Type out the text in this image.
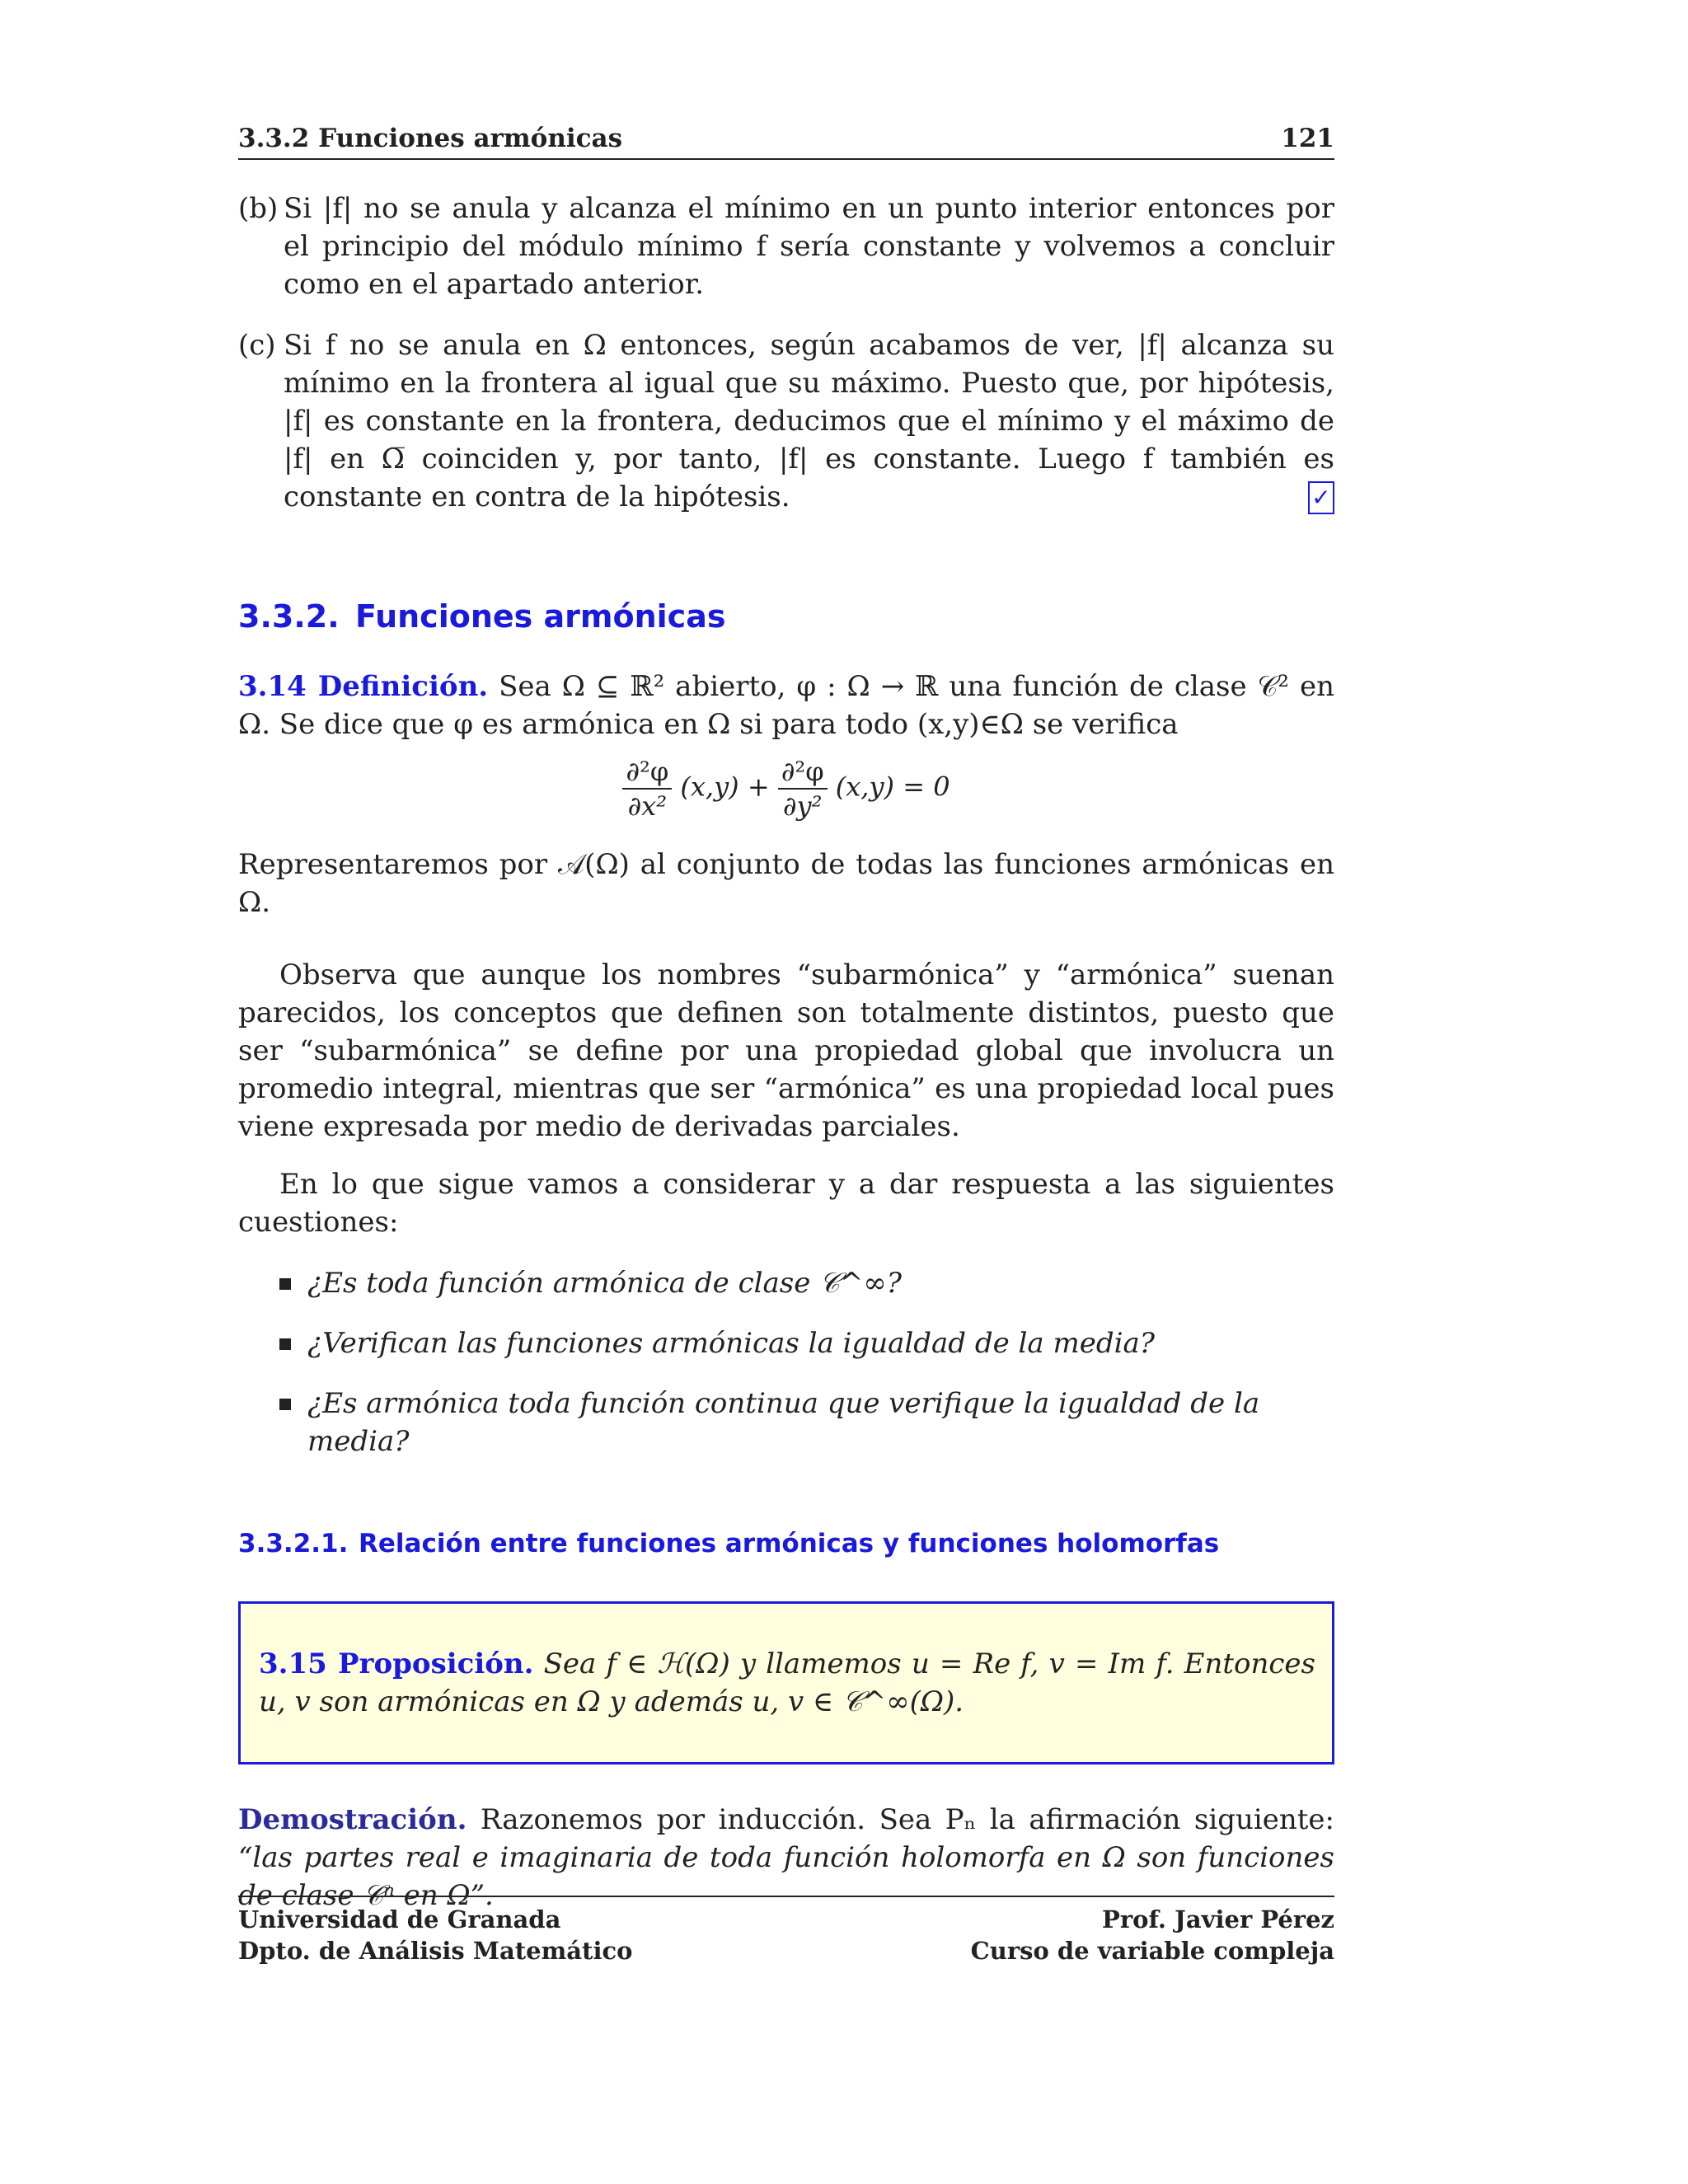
3.3.2 Funciones armónicas	121
(b) Si |f| no se anula y alcanza el mínimo en un punto interior entonces por el principio del módulo mínimo f sería constante y volvemos a concluir como en el apartado anterior.

(c) Si f no se anula en Ω entonces, según acabamos de ver, |f| alcanza su mínimo en la frontera al igual que su máximo. Puesto que, por hipótesis, |f| es constante en la frontera, deducimos que el mínimo y el máximo de |f| en Ω̅ coinciden y, por tanto, |f| es constante. Luego f también es constante en contra de la hipótesis.	✓
3.3.2. Funciones armónicas

3.14 Definición. Sea Ω ⊆ ℝ² abierto, φ : Ω → ℝ una función de clase 𝒞² en Ω. Se dice que φ es armónica en Ω si para todo (x,y)∈Ω se verifica

$\frac{\text{∂²φ}}{\text{∂x²}} (x,y) + \frac{\text{∂²φ}}{\text{∂y²}} (x,y) = 0$

Representaremos por 𝒜(Ω) al conjunto de todas las funciones armónicas en Ω.

Observa que aunque los nombres “subarmónica” y “armónica” suenan parecidos, los conceptos que definen son totalmente distintos, puesto que ser “subarmónica” se define por una propiedad global que involucra un promedio integral, mientras que ser “armónica” es una propiedad local pues viene expresada por medio de derivadas parciales.

En lo que sigue vamos a considerar y a dar respuesta a las siguientes cuestiones:

¿Es toda función armónica de clase 𝒞^∞?
¿Verifican las funciones armónicas la igualdad de la media?
¿Es armónica toda función continua que verifique la igualdad de la media?
3.3.2.1. Relación entre funciones armónicas y funciones holomorfas

3.15 Proposición. Sea f ∈ ℋ(Ω) y llamemos u = Re f, v = Im f. Entonces u, v son armónicas en Ω y además u, v ∈ 𝒞^∞(Ω).

Demostración. Razonemos por inducción. Sea Pₙ la afirmación siguiente: “las partes real e imaginaria de toda función holomorfa en Ω son funciones de clase 𝒞ⁿ en Ω”.

Universidad de Granada
Dpto. de Análisis Matemático
Prof. Javier Pérez
Curso de variable compleja
